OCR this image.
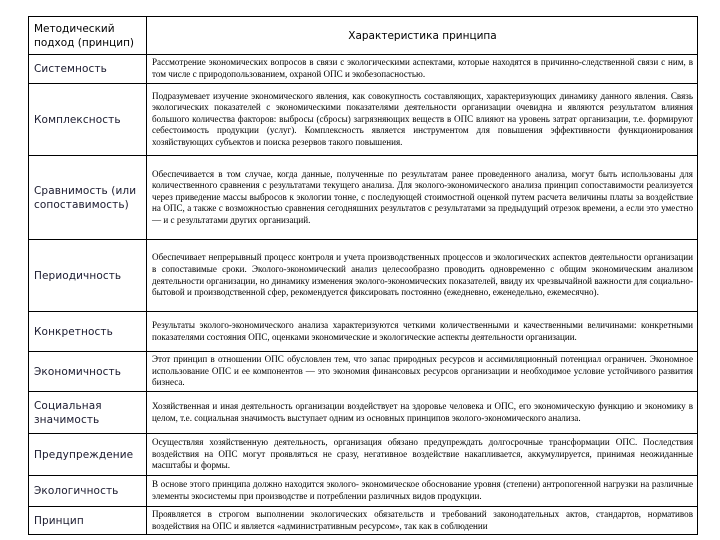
Методический подход (принцип)	Характеристика принципа
Системность	Рассмотрение экономических вопросов в связи с экологическими аспектами, которые находятся в причинно-следственной связи с ним, в том числе с природопользованием, охраной ОПС и экобезопасностью.
Комплексность	Подразумевает изучение экономического явления, как совокупность составляющих, характеризующих динамику данного явления. Связь экологических показателей с экономическими показателями деятельности организации очевидна и являются результатом влияния большого количества факторов: выбросы (сбросы) загрязняющих веществ в ОПС влияют на уровень затрат организации, т.е. формируют себестоимость продукции (услуг). Комплексность является инструментом для повышения эффективности функционирования хозяйствующих субъектов и поиска резервов такого повышения.
Сравнимость (или сопоставимость)	Обеспечивается в том случае, когда данные, полученные по результатам ранее проведенного анализа, могут быть использованы для количественного сравнения с результатами текущего анализа. Для эколого-экономического анализа принцип сопоставимости реализуется через приведение массы выбросов к экологии тонне, с последующей стоимостной оценкой путем расчета величины платы за воздействие на ОПС, а также с возможностью сравнения сегодняшних результатов с результатами за предыдущий отрезок времени, а если это уместно — и с результатами других организаций.
Периодичность	Обеспечивает непрерывный процесс контроля и учета производственных процессов и экологических аспектов деятельности организации в сопоставимые сроки. Эколого-экономический анализ целесообразно проводить одновременно с общим экономическим анализом деятельности организации, но динамику изменения эколого-экономических показателей, ввиду их чрезвычайной важности для социально-бытовой и производственной сфер, рекомендуется фиксировать постоянно (ежедневно, еженедельно, ежемесячно).
Конкретность	Результаты эколого-экономического анализа характеризуются четкими количественными и качественными величинами: конкретными показателями состояния ОПС, оценками экономические и экологические аспекты деятельности организации.
Экономичность	Этот принцип в отношении ОПС обусловлен тем, что запас природных ресурсов и ассимиляционный потенциал ограничен. Экономное использование ОПС и ее компонентов — это экономия финансовых ресурсов организации и необходимое условие устойчивого развития бизнеса.
Социальная значимость	Хозяйственная и иная деятельность организации воздействует на здоровье человека и ОПС, его экономическую функцию и экономику в целом, т.е. социальная значимость выступает одним из основных принципов эколого-экономического анализа.
Предупреждение	Осуществляя хозяйственную деятельность, организация обязано предупреждать долгосрочные трансформации ОПС. Последствия воздействия на ОПС могут проявляться не сразу, негативное воздействие накапливается, аккумулируется, принимая неожиданные масштабы и формы.
Экологичность	В основе этого принципа должно находится эколого- экономическое обоснование уровня (степени) антропогенной нагрузки на различные элементы экосистемы при производстве и потреблении различных видов продукции.
Принцип	Проявляется в строгом выполнении экологических обязательств и требований законодательных актов, стандартов, нормативов воздействия на ОПС и является «административным ресурсом», так как в соблюдении
